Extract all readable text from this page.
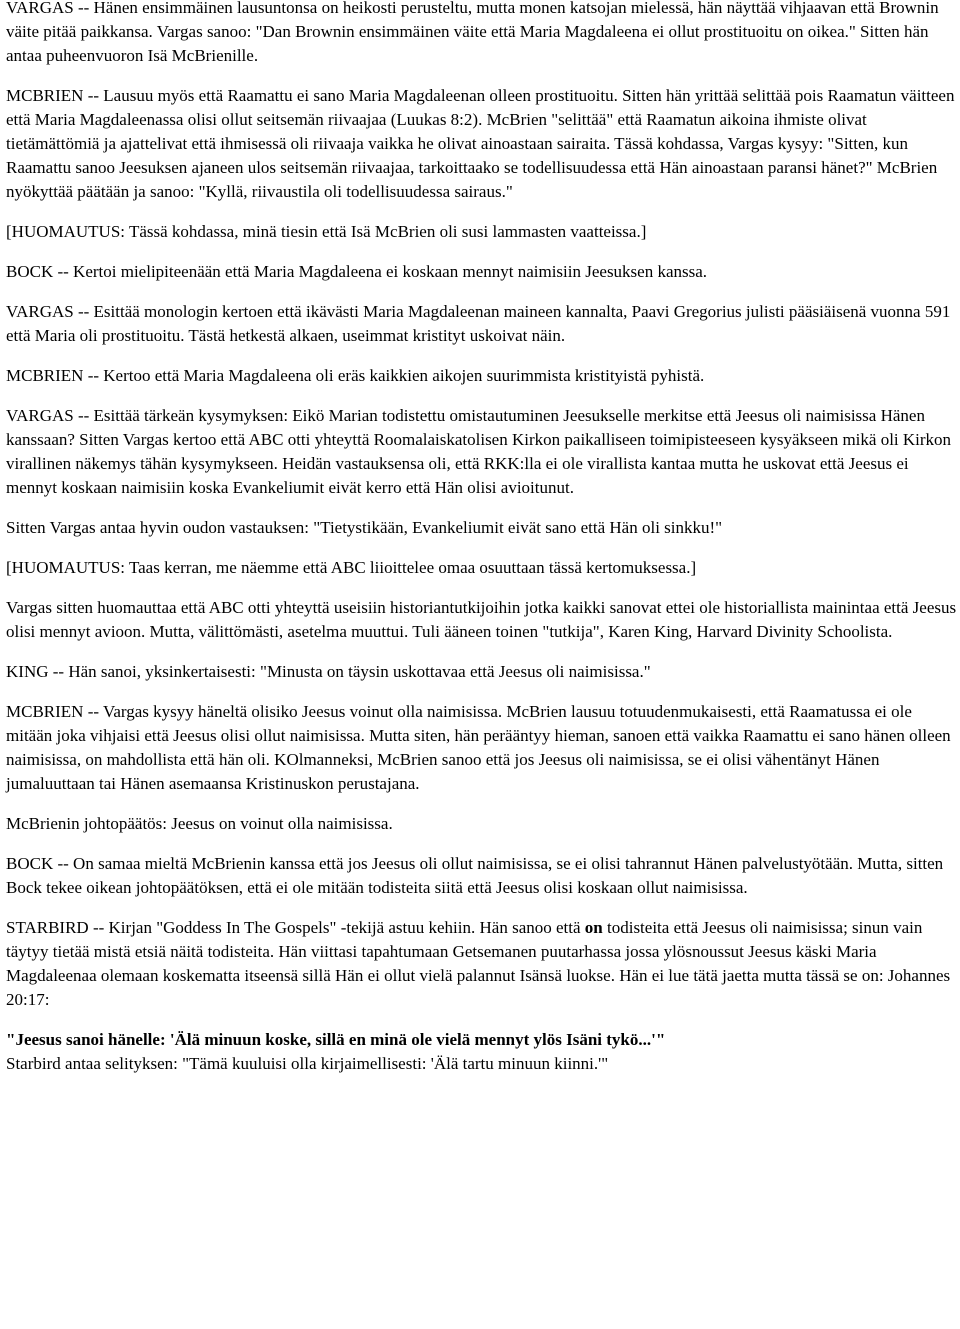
VARGAS -- Hänen ensimmäinen lausuntonsa on heikosti perusteltu, mutta monen katsojan mielessä, hän näyttää vihjaavan että Brownin väite pitää paikkansa. Vargas sanoo: "Dan Brownin ensimmäinen väite että Maria Magdaleena ei ollut prostituoitu on oikea." Sitten hän antaa puheenvuoron Isä McBrienille.

MCBRIEN -- Lausuu myös että Raamattu ei sano Maria Magdaleenan olleen prostituoitu. Sitten hän yrittää selittää pois Raamatun väitteen että Maria Magdaleenassa olisi ollut seitsemän riivaajaa (Luukas 8:2). McBrien "selittää" että Raamatun aikoina ihmiste olivat tietämättömiä ja ajattelivat että ihmisessä oli riivaaja vaikka he olivat ainoastaan sairaita. Tässä kohdassa, Vargas kysyy: "Sitten, kun Raamattu sanoo Jeesuksen ajaneen ulos seitsemän riivaajaa, tarkoittaako se todellisuudessa että Hän ainoastaan paransi hänet?" McBrien nyökyttää päätään ja sanoo: "Kyllä, riivaustila oli todellisuudessa sairaus."

[HUOMAUTUS: Tässä kohdassa, minä tiesin että Isä McBrien oli susi lammasten vaatteissa.]

BOCK -- Kertoi mielipiteenään että Maria Magdaleena ei koskaan mennyt naimisiin Jeesuksen kanssa.

VARGAS -- Esittää monologin kertoen että ikävästi Maria Magdaleenan maineen kannalta, Paavi Gregorius julisti pääsiäisenä vuonna 591 että Maria oli prostituoitu. Tästä hetkestä alkaen, useimmat kristityt uskoivat näin.

MCBRIEN -- Kertoo että Maria Magdaleena oli eräs kaikkien aikojen suurimmista kristityistä pyhistä.

VARGAS -- Esittää tärkeän kysymyksen: Eikö Marian todistettu omistautuminen Jeesukselle merkitse että Jeesus oli naimisissa Hänen kanssaan? Sitten Vargas kertoo että ABC otti yhteyttä Roomalaiskatolisen Kirkon paikalliseen toimipisteeseen kysyäkseen mikä oli Kirkon virallinen näkemys tähän kysymykseen. Heidän vastauksensa oli, että RKK:lla ei ole virallista kantaa mutta he uskovat että Jeesus ei mennyt koskaan naimisiin koska Evankeliumit eivät kerro että Hän olisi avioitunut.

Sitten Vargas antaa hyvin oudon vastauksen: "Tietystikään, Evankeliumit eivät sano että Hän oli sinkku!"

[HUOMAUTUS: Taas kerran, me näemme että ABC liioittelee omaa osuuttaan tässä kertomuksessa.]

Vargas sitten huomauttaa että ABC otti yhteyttä useisiin historiantutkijoihin jotka kaikki sanovat ettei ole historiallista mainintaa että Jeesus olisi mennyt avioon. Mutta, välittömästi, asetelma muuttui. Tuli ääneen toinen "tutkija", Karen King, Harvard Divinity Schoolista.

KING -- Hän sanoi, yksinkertaisesti: "Minusta on täysin uskottavaa että Jeesus oli naimisissa."

MCBRIEN -- Vargas kysyy häneltä olisiko Jeesus voinut olla naimisissa. McBrien lausuu totuudenmukaisesti, että Raamatussa ei ole mitään joka vihjaisi että Jeesus olisi ollut naimisissa. Mutta siten, hän perääntyy hieman, sanoen että vaikka Raamattu ei sano hänen olleen naimisissa, on mahdollista että hän oli. KOlmanneksi, McBrien sanoo että jos Jeesus oli naimisissa, se ei olisi vähentänyt Hänen jumaluuttaan tai Hänen asemaansa Kristinuskon perustajana.

McBrienin johtopäätös: Jeesus on voinut olla naimisissa.

BOCK -- On samaa mieltä McBrienin kanssa että jos Jeesus oli ollut naimisissa, se ei olisi tahrannut Hänen palvelustyötään. Mutta, sitten Bock tekee oikean johtopäätöksen, että ei ole mitään todisteita siitä että Jeesus olisi koskaan ollut naimisissa.

STARBIRD -- Kirjan "Goddess In The Gospels" -tekijä astuu kehiin. Hän sanoo että on todisteita että Jeesus oli naimisissa; sinun vain täytyy tietää mistä etsiä näitä todisteita. Hän viittasi tapahtumaan Getsemanen puutarhassa jossa ylösnoussut Jeesus käski Maria Magdaleenaa olemaan koskematta itseensä sillä Hän ei ollut vielä palannut Isänsä luokse. Hän ei lue tätä jaetta mutta tässä se on: Johannes 20:17:

"Jeesus sanoi hänelle: 'Älä minuun koske, sillä en minä ole vielä mennyt ylös Isäni tykö...'"

Starbird antaa selityksen: "Tämä kuuluisi olla kirjaimellisesti: 'Älä tartu minuun kiinni.'"
